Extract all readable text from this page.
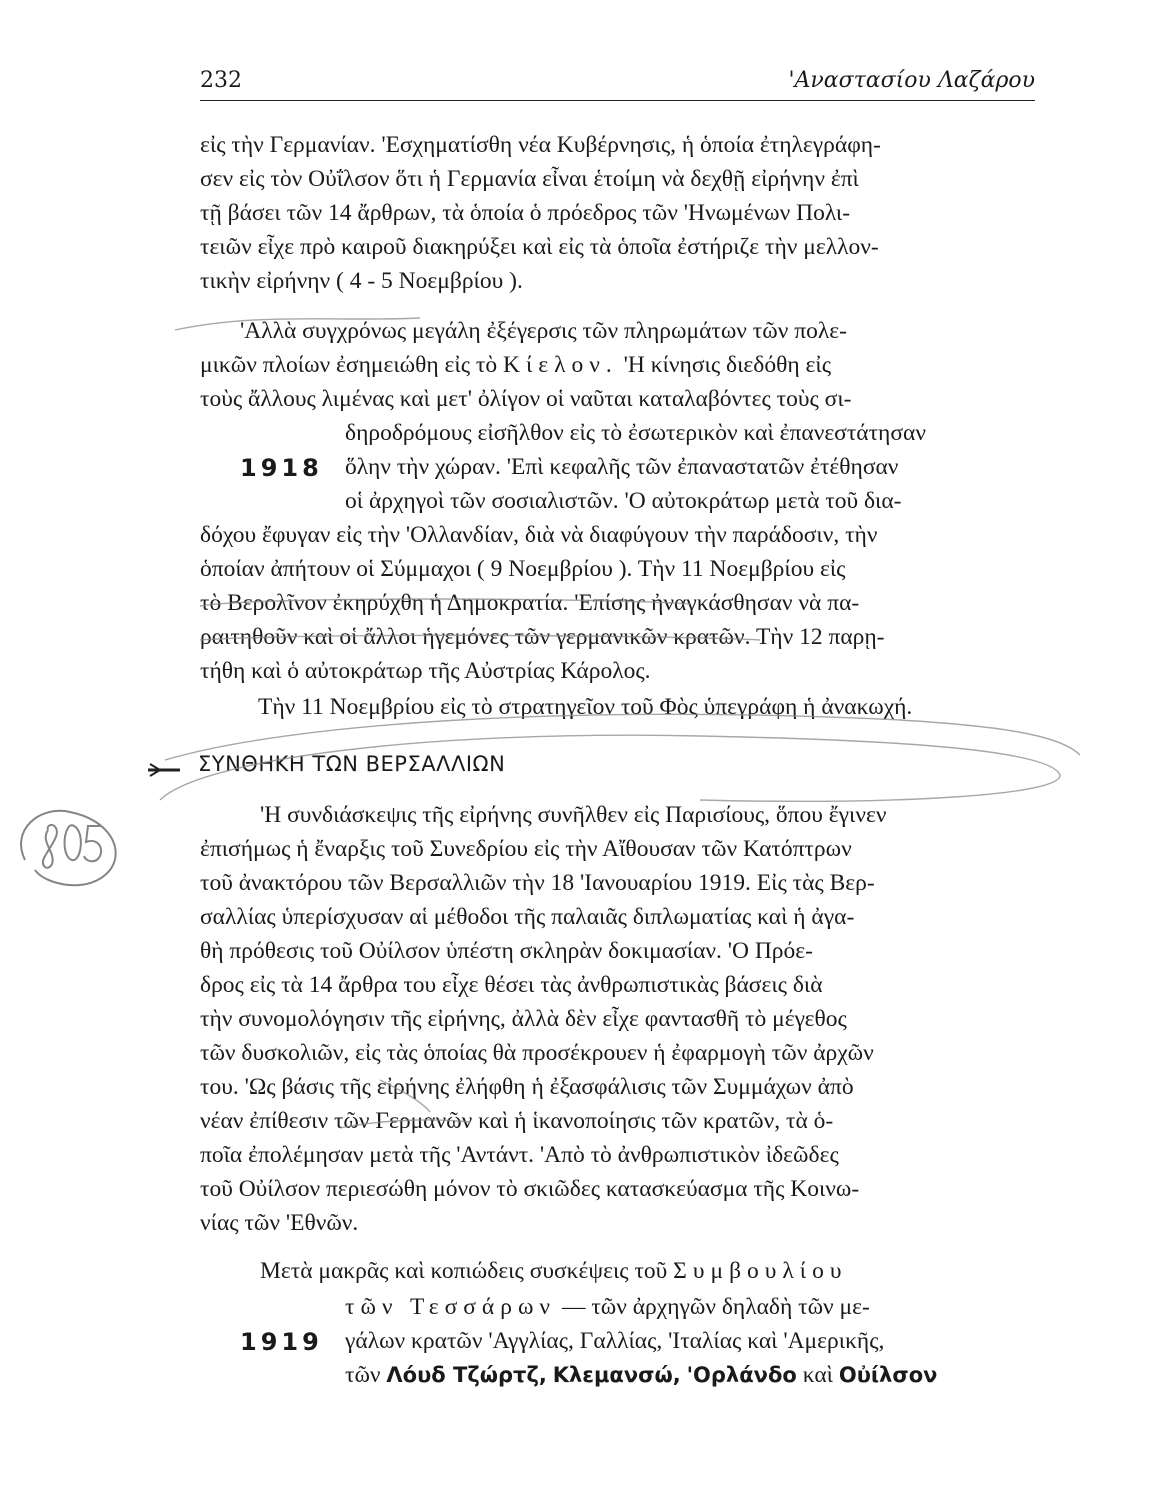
232	'Αναστασίου Λαζάρου
εἰς τὴν Γερμανίαν. 'Εσχηματίσθη νέα Κυβέρνησις, ἡ ὁποία ἐτηλεγράφη-
σεν εἰς τὸν Οὐΐλσον ὅτι ἡ Γερμανία εἶναι ἑτοίμη νὰ δεχθῇ εἰρήνην ἐπὶ
τῇ βάσει τῶν 14 ἄρθρων, τὰ ὁποία ὁ πρόεδρος τῶν 'Ηνωμένων Πολι-
τειῶν εἶχε πρὸ καιροῦ διακηρύξει καὶ εἰς τὰ ὁποῖα ἐστήριζε τὴν μελλον-
τικὴν εἰρήνην ( 4 - 5 Νοεμβρίου ).
'Αλλὰ συγχρόνως μεγάλη ἐξέγερσις τῶν πληρωμάτων τῶν πολε-
μικῶν πλοίων ἐσημειώθη εἰς τὸ Κίελον. 'Η κίνησις διεδόθη εἰς
τοὺς ἄλλους λιμένας καὶ μετ' ὀλίγον οἱ ναῦται καταλαβόντες τοὺς σι-
δηροδρόμους εἰσῆλθον εἰς τὸ ἐσωτερικὸν καὶ ἐπανεστάτησαν
1918 ὅλην τὴν χώραν. 'Επὶ κεφαλῆς τῶν ἐπαναστατῶν ἐτέθησαν
οἱ ἀρχηγοὶ τῶν σοσιαλιστῶν. 'Ο αὐτοκράτωρ μετὰ τοῦ δια-
δόχου ἔφυγαν εἰς τὴν 'Ολλανδίαν, διὰ νὰ διαφύγουν τὴν παράδοσιν, τὴν
ὁποίαν ἀπήτουν οἱ Σύμμαχοι ( 9 Νοεμβρίου ). Τὴν 11 Νοεμβρίου εἰς
τὸ Βερολῖνον ἐκηρύχθη ἡ Δημοκρατία. 'Επίσης ἠναγκάσθησαν νὰ πα-
ραιτηθοῦν καὶ οἱ ἄλλοι ἡγεμόνες τῶν γερμανικῶν κρατῶν. Τὴν 12 παρῃ-
τήθη καὶ ὁ αὐτοκράτωρ τῆς Αὐστρίας Κάρολος.
Τὴν 11 Νοεμβρίου εἰς τὸ στρατηγεῖον τοῦ Φὸς ὑπεγράφη ἡ ἀνακωχή.
ΣΥΝΘΗΚΗ ΤΩΝ ΒΕΡΣΑΛΛΙΩΝ
'Η συνδιάσκεψις τῆς εἰρήνης συνῆλθεν εἰς Παρισίους, ὅπου ἔγινεν
ἐπισήμως ἡ ἔναρξις τοῦ Συνεδρίου εἰς τὴν Αἴθουσαν τῶν Κατόπτρων
τοῦ ἀνακτόρου τῶν Βερσαλλιῶν τὴν 18 'Ιανουαρίου 1919. Εἰς τὰς Βερ-
σαλλίας ὑπερίσχυσαν αἱ μέθοδοι τῆς παλαιᾶς διπλωματίας καὶ ἡ ἀγα-
θὴ πρόθεσις τοῦ Οὐίλσον ὑπέστη σκληρὰν δοκιμασίαν. 'Ο Πρόε-
δρος εἰς τὰ 14 ἄρθρα του εἶχε θέσει τὰς ἀνθρωπιστικὰς βάσεις διὰ
τὴν συνομολόγησιν τῆς εἰρήνης, ἀλλὰ δὲν εἶχε φαντασθῆ τὸ μέγεθος
τῶν δυσκολιῶν, εἰς τὰς ὁποίας θὰ προσέκρουεν ἡ ἐφαρμογὴ τῶν ἀρχῶν
του. 'Ως βάσις τῆς εἰρήνης ἐλήφθη ἡ ἐξασφάλισις τῶν Συμμάχων ἀπὸ
νέαν ἐπίθεσιν τῶν Γερμανῶν καὶ ἡ ἱκανοποίησις τῶν κρατῶν, τὰ ὁ-
ποῖα ἐπολέμησαν μετὰ τῆς 'Αντάντ. 'Απὸ τὸ ἀνθρωπιστικὸν ἰδεῶδες
τοῦ Οὐίλσον περιεσώθη μόνον τὸ σκιῶδες κατασκεύασμα τῆς Κοινω-
νίας τῶν 'Εθνῶν.
Μετὰ μακρᾶς καὶ κοπιώδεις συσκέψεις τοῦ Συμβουλίου
τῶν Τεσσάρων — τῶν ἀρχηγῶν δηλαδὴ τῶν με-
1919 γάλων κρατῶν 'Αγγλίας, Γαλλίας, 'Ιταλίας καὶ 'Αμερικῆς,
τῶν Λόυδ Τζώρτζ, Κλεμανσώ, 'Ορλάνδο καὶ Οὐίλσον
